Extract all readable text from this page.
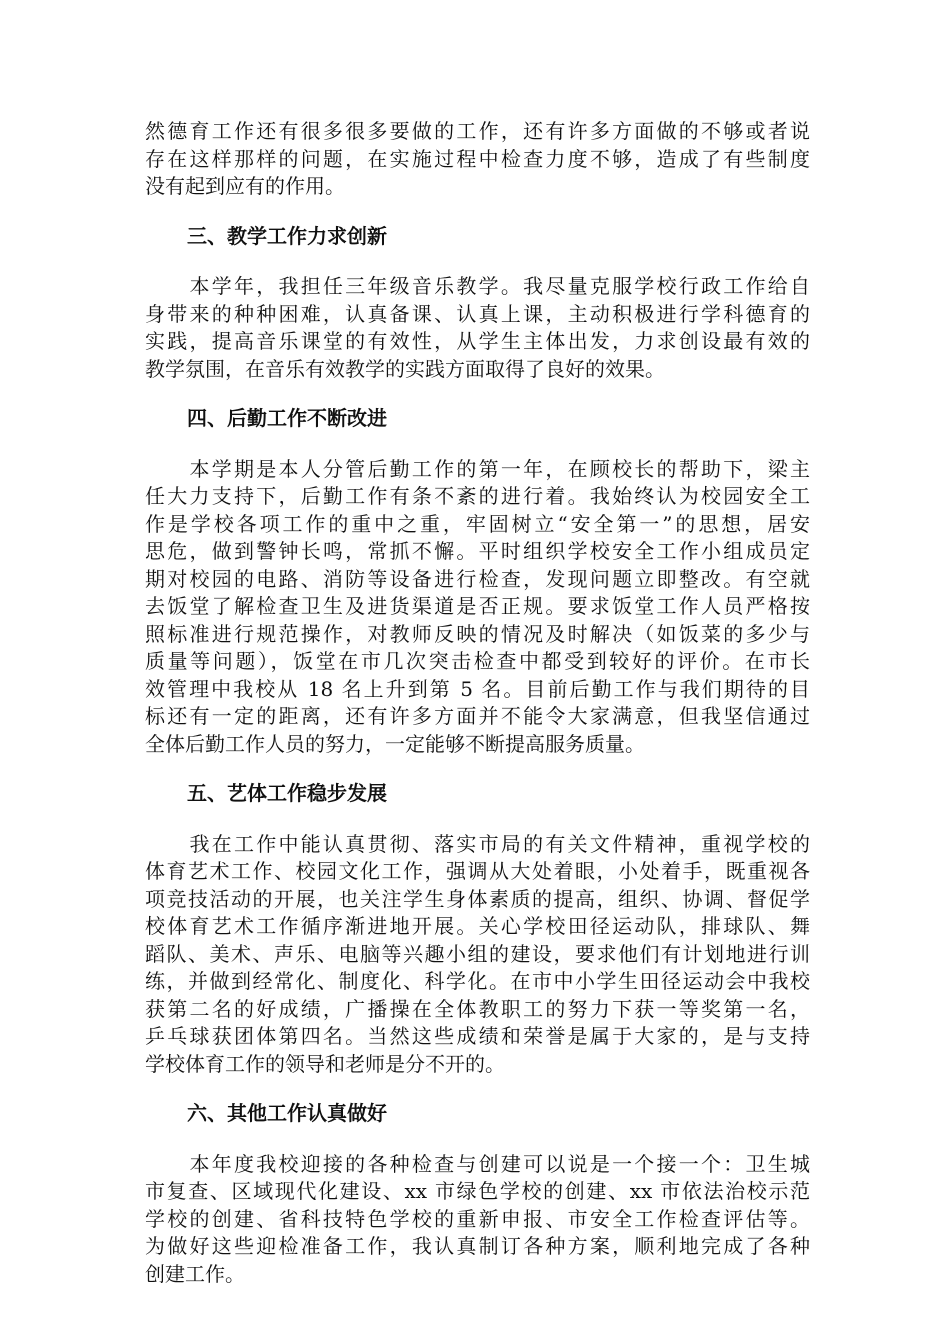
然德育工作还有很多很多要做的工作，还有许多方面做的不够或者说
存在这样那样的问题，在实施过程中检查力度不够，造成了有些制度
没有起到应有的作用。
三、教学工作力求创新
　　本学年，我担任三年级音乐教学。我尽量克服学校行政工作给自
身带来的种种困难，认真备课、认真上课，主动积极进行学科德育的
实践，提高音乐课堂的有效性，从学生主体出发，力求创设最有效的
教学氛围，在音乐有效教学的实践方面取得了良好的效果。
四、后勤工作不断改进
　　本学期是本人分管后勤工作的第一年，在顾校长的帮助下，梁主
任大力支持下，后勤工作有条不紊的进行着。我始终认为校园安全工
作是学校各项工作的重中之重，牢固树立“安全第一”的思想，居安
思危，做到警钟长鸣，常抓不懈。平时组织学校安全工作小组成员定
期对校园的电路、消防等设备进行检查，发现问题立即整改。有空就
去饭堂了解检查卫生及进货渠道是否正规。要求饭堂工作人员严格按
照标准进行规范操作，对教师反映的情况及时解决（如饭菜的多少与
质量等问题），饭堂在市几次突击检查中都受到较好的评价。在市长
效管理中我校从 18 名上升到第 5 名。目前后勤工作与我们期待的目
标还有一定的距离，还有许多方面并不能令大家满意，但我坚信通过
全体后勤工作人员的努力，一定能够不断提高服务质量。
五、艺体工作稳步发展
　　我在工作中能认真贯彻、落实市局的有关文件精神，重视学校的
体育艺术工作、校园文化工作，强调从大处着眼，小处着手，既重视各
项竞技活动的开展，也关注学生身体素质的提高，组织、协调、督促学
校体育艺术工作循序渐进地开展。关心学校田径运动队，排球队、舞
蹈队、美术、声乐、电脑等兴趣小组的建设，要求他们有计划地进行训
练，并做到经常化、制度化、科学化。在市中小学生田径运动会中我校
获第二名的好成绩，广播操在全体教职工的努力下获一等奖第一名，
乒乓球获团体第四名。当然这些成绩和荣誉是属于大家的，是与支持
学校体育工作的领导和老师是分不开的。
六、其他工作认真做好
　　本年度我校迎接的各种检查与创建可以说是一个接一个：卫生城
市复查、区域现代化建设、xx 市绿色学校的创建、xx 市依法治校示范
学校的创建、省科技特色学校的重新申报、市安全工作检查评估等。
为做好这些迎检准备工作，我认真制订各种方案，顺利地完成了各种
创建工作。
